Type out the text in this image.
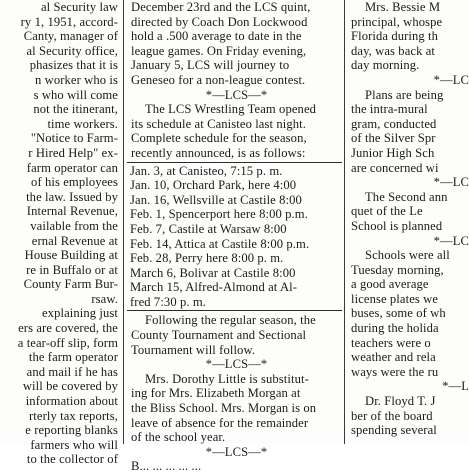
al Security law
ry 1, 1951, accord-
Canty, manager of
al Security office,
phasizes that it is
n worker who is
s who will come
not the itinerant,
time workers.
"Notice to Farm-
r Hired Help" ex-
farm operator can
of his employees
the law. Issued by
Internal Revenue,
vailable from the
ernal Revenue at
House Building at
re in Buffalo or at
County Farm Bur-
rsaw.
explaining just
ers are covered, the
a tear-off slip, form
the farm operator
and mail if he has
will be covered by
information about
rterly tax reports,
e reporting blanks
farmers who will
to the collector of
December 23rd and the LCS quint,
directed by Coach Don Lockwood
hold a .500 average to date in the
league games. On Friday evening,
January 5, LCS will journey to
Geneseo for a non-league contest.
*—LCS—*
The LCS Wrestling Team opened
its schedule at Canisteo last night.
Complete schedule for the season,
recently announced, is as follows:
Jan. 3, at Canisteo, 7:15 p. m.
Jan. 10, Orchard Park, here 4:00
Jan. 16, Wellsville at Castile 8:00
Feb. 1, Spencerport here 8:00 p.m.
Feb. 7, Castile at Warsaw 8:00
Feb. 14, Attica at Castile 8:00 p.m.
Feb. 28, Perry here 8:00 p. m.
March 6, Bolivar at Castile 8:00
March 15, Alfred-Almond at Al-
fred 7:30 p. m.
Following the regular season, the
County Tournament and Sectional
Tournament will follow.
*—LCS—*
Mrs. Dorothy Little is substitut-
ing for Mrs. Elizabeth Morgan at
the Bliss School. Mrs. Morgan is on
leave of absence for the remainder
of the school year.
*—LCS—*
B... ... ... ... ...
Mrs. Bessie M
principal, whospe
Florida during th
day, was back at
day morning.
*—LC
Plans are being
the intra-mural
gram, conducted
of the Silver Spr
Junior High Sch
are concerned wi
*—LC
The Second ann
quet of the Le
School is planned
*—LC
Schools were all
Tuesday morning,
a good average
license plates we
buses, some of wh
during the holida
teachers were o
weather and rela
ways were the ru
*—L
Dr. Floyd T. J
ber of the board
spending several
